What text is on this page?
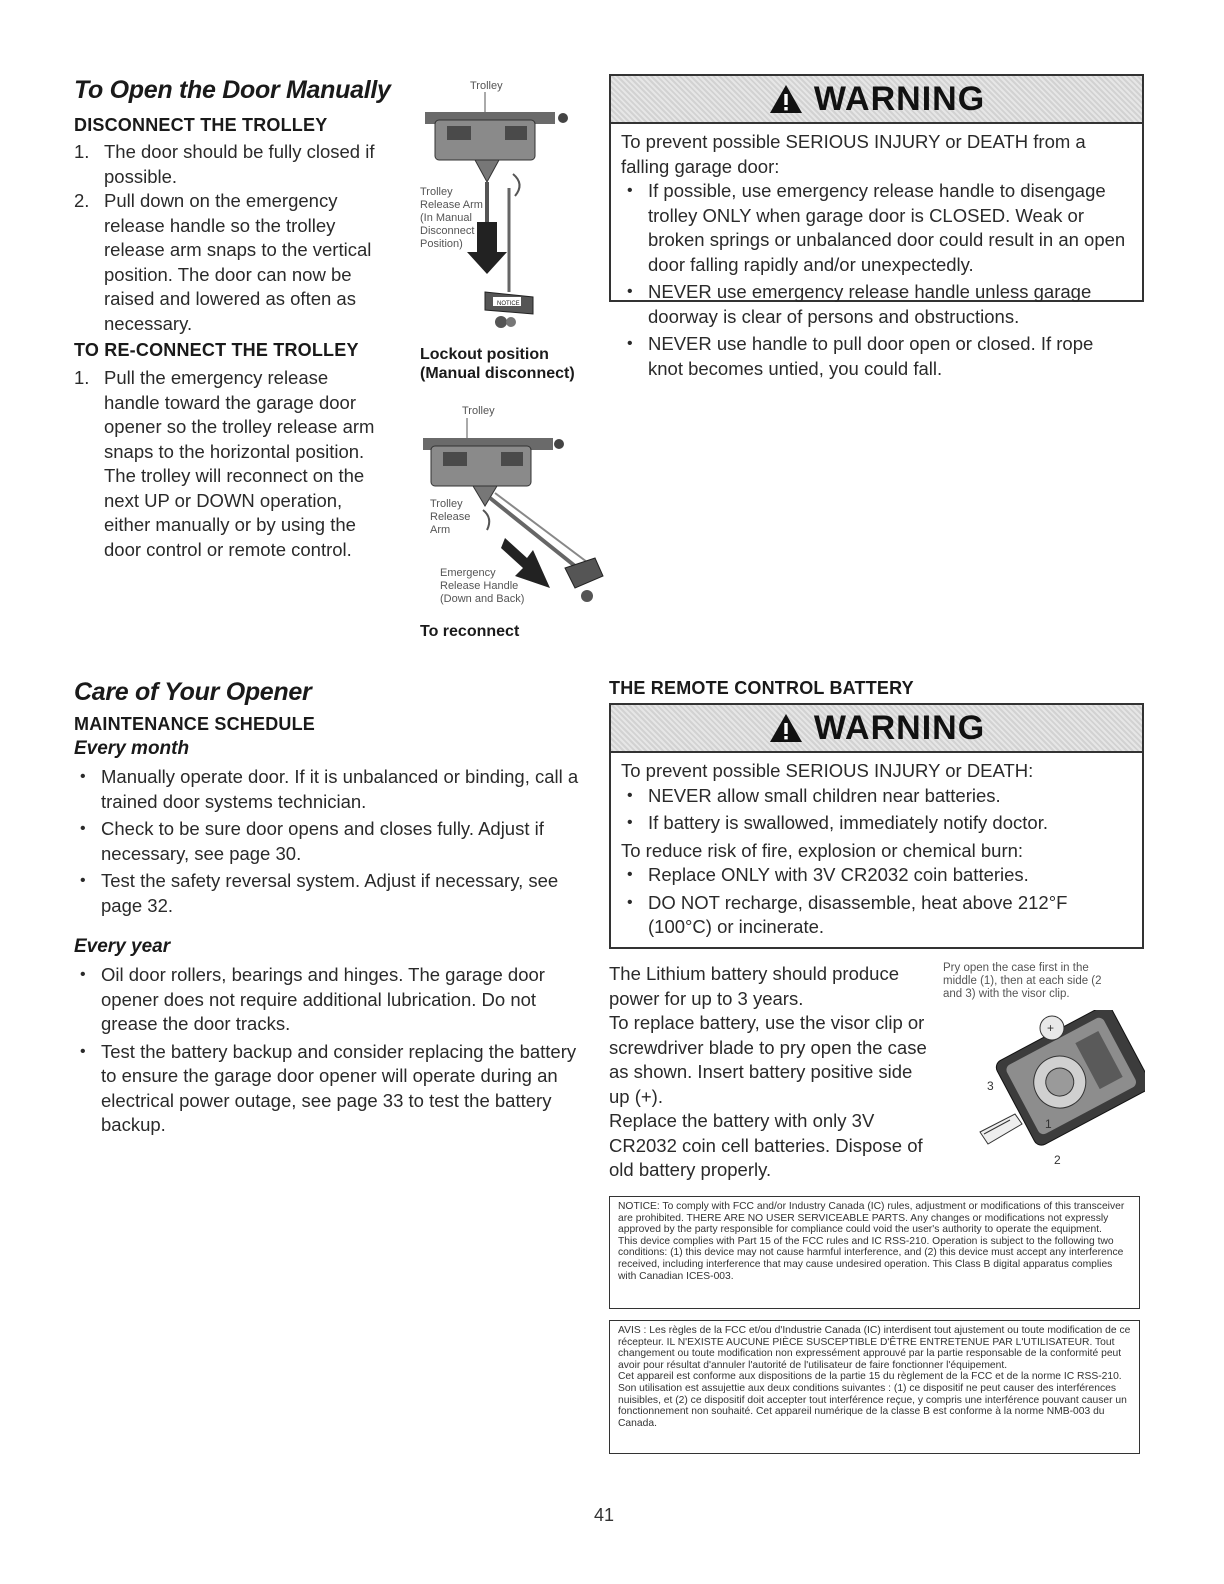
To Open the Door Manually
DISCONNECT THE TROLLEY
1. The door should be fully closed if possible.
2. Pull down on the emergency release handle so the trolley release arm snaps to the vertical position. The door can now be raised and lowered as often as necessary.
TO RE-CONNECT THE TROLLEY
1. Pull the emergency release handle toward the garage door opener so the trolley release arm snaps to the horizontal position. The trolley will reconnect on the next UP or DOWN operation, either manually or by using the door control or remote control.
Trolley
NOTICE
Trolley
Release Arm
(In Manual
Disconnect
Position)
Lockout position
(Manual disconnect)
Trolley
Trolley
Release
Arm
Emergency
Release Handle
(Down and Back)
To reconnect
WARNING
To prevent possible SERIOUS INJURY or DEATH from a falling garage door:
• If possible, use emergency release handle to disengage trolley ONLY when garage door is CLOSED. Weak or broken springs or unbalanced door could result in an open door falling rapidly and/or unexpectedly.
• NEVER use emergency release handle unless garage doorway is clear of persons and obstructions.
• NEVER use handle to pull door open or closed. If rope knot becomes untied, you could fall.
Care of Your Opener
MAINTENANCE SCHEDULE
Every month
• Manually operate door. If it is unbalanced or binding, call a trained door systems technician.
• Check to be sure door opens and closes fully. Adjust if necessary, see page 30.
• Test the safety reversal system. Adjust if necessary, see page 32.
Every year
• Oil door rollers, bearings and hinges. The garage door opener does not require additional lubrication. Do not grease the door tracks.
• Test the battery backup and consider replacing the battery to ensure the garage door opener will operate during an electrical power outage, see page 33 to test the battery backup.
THE REMOTE CONTROL BATTERY
WARNING
To prevent possible SERIOUS INJURY or DEATH:
• NEVER allow small children near batteries.
• If battery is swallowed, immediately notify doctor.
To reduce risk of fire, explosion or chemical burn:
• Replace ONLY with 3V CR2032 coin batteries.
• DO NOT recharge, disassemble, heat above 212°F (100°C) or incinerate.
The Lithium battery should produce power for up to 3 years.
To replace battery, use the visor clip or screwdriver blade to pry open the case as shown. Insert battery positive side up (+).
Replace the battery with only 3V CR2032 coin cell batteries. Dispose of old battery properly.
Pry open the case first in the middle (1), then at each side (2 and 3) with the visor clip.
+
3
1
2

NOTICE: To comply with FCC and/or Industry Canada (IC) rules, adjustment or modifications of this transceiver are prohibited. THERE ARE NO USER SERVICEABLE PARTS. Any changes or modifications not expressly approved by the party responsible for compliance could void the user's authority to operate the equipment.

This device complies with Part 15 of the FCC rules and IC RSS-210. Operation is subject to the following two conditions: (1) this device may not cause harmful interference, and (2) this device must accept any interference received, including interference that may cause undesired operation. This Class B digital apparatus complies with Canadian ICES-003.

AVIS : Les règles de la FCC et/ou d'Industrie Canada (IC) interdisent tout ajustement ou toute modification de ce récepteur. IL N'EXISTE AUCUNE PIÈCE SUSCEPTIBLE D'ÊTRE ENTRETENUE PAR L'UTILISATEUR. Tout changement ou toute modification non expressément approuvé par la partie responsable de la conformité peut avoir pour résultat d'annuler l'autorité de l'utilisateur de faire fonctionner l'équipement.

Cet appareil est conforme aux dispositions de la partie 15 du règlement de la FCC et de la norme IC RSS-210. Son utilisation est assujettie aux deux conditions suivantes : (1) ce dispositif ne peut causer des interférences nuisibles, et (2) ce dispositif doit accepter tout interférence reçue, y compris une interférence pouvant causer un fonctionnement non souhaité. Cet appareil numérique de la classe B est conforme à la norme NMB-003 du Canada.

41
